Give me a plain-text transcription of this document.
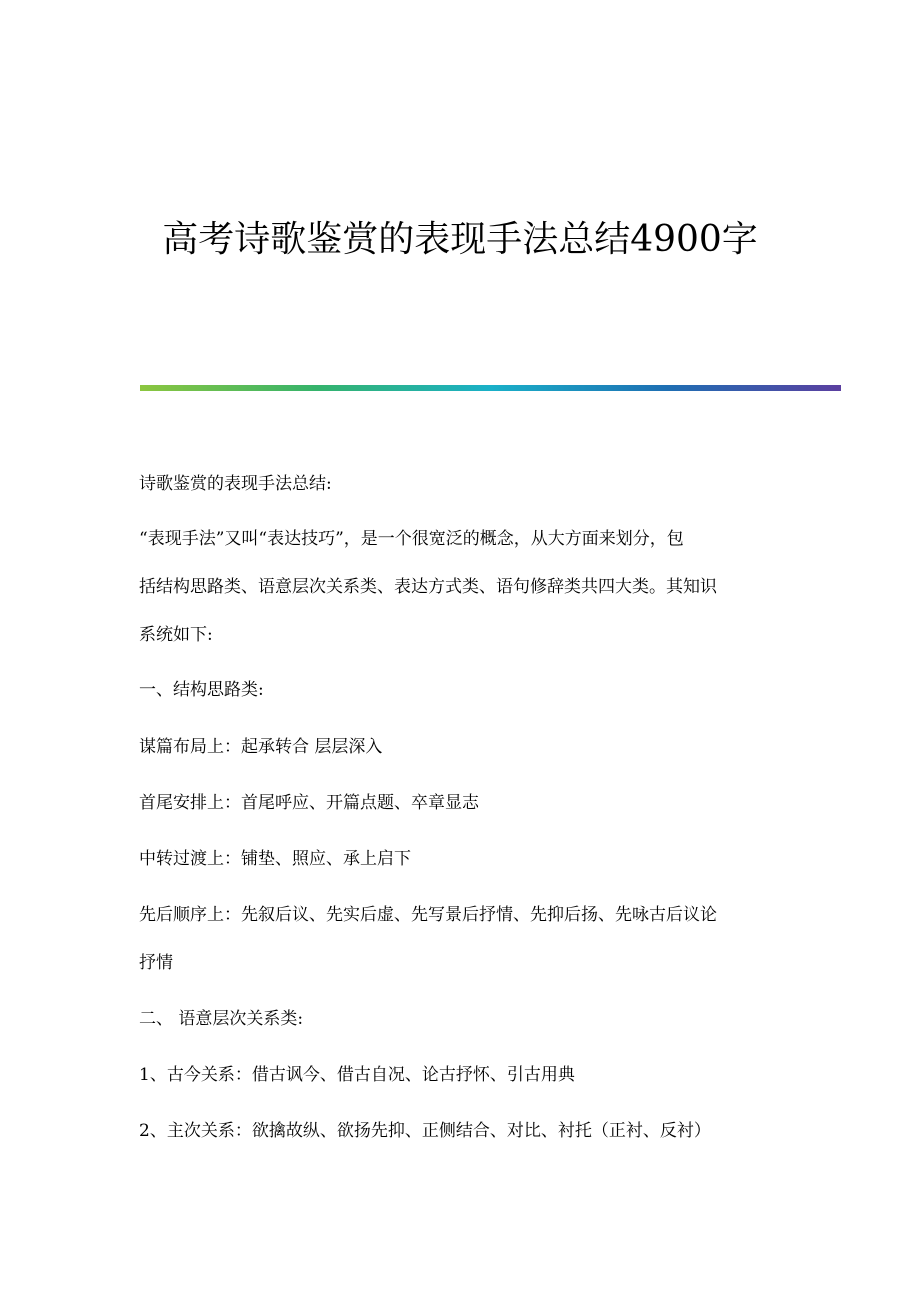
高考诗歌鉴赏的表现手法总结4900字

诗歌鉴赏的表现手法总结:

“表现手法”又叫“表达技巧”，是一个很宽泛的概念，从大方面来划分，包

括结构思路类、语意层次关系类、表达方式类、语句修辞类共四大类。其知识

系统如下:

一、结构思路类:

谋篇布局上：起承转合 层层深入

首尾安排上：首尾呼应、开篇点题、卒章显志

中转过渡上：铺垫、照应、承上启下

先后顺序上：先叙后议、先实后虚、先写景后抒情、先抑后扬、先咏古后议论

抒情

二、 语意层次关系类:

1、古今关系：借古讽今、借古自况、论古抒怀、引古用典

2、主次关系：欲擒故纵、欲扬先抑、正侧结合、对比、衬托（正衬、反衬）
